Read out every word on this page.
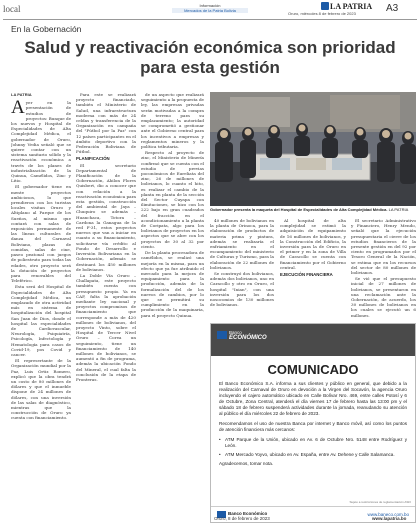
local	Información
Mercados de la Patria Bolivia	LA PATRIA
Oruro, miércoles 8 de febrero de 2023	A3
En la Gobernación
Salud y reactivación económica son prioridad para esta gestión
LA PATRIA
A yer en la presentación de estudios de proyectos: Bunque de los nuevos y Hospital de Especialidades de Alta Complejidad Médica, el gobernador de Oruro, Johnny Vedia señaló que se quiere contar con un sistema sanitario sólido y la reactivación económica a través de los planes de industrialización de la Quinua, Camélidos, Zinc y Litio.

El gobernador tiene en mente proyectos ambiciosos, lo que prendieron con los turistas locales visitan Oruro y Altiplano al Parque de los Sueños, al mismo que contará con salas de exposición permanente de las líneas culturales de danza del Carnaval Boliviano, plazas de comidas, salas de cine, paseo peatonal con juegos de poliestruto para todas las edades, otro proyecto será la dotación de proyectos para renovables del Teleférico.

Esta será del Hospital de Especialidades de Alta Complejidad Médica, un emplazado de otra actividad más en sistema de hospitalización del hospital San Juan de Dios, donde el hospital las especialidades de Cardiovascular, Neurología, Psiquiatría, Psicología, Infectología y Hematología para casos de Covid-19, pos Covid y cancer.

El represertante de la Organización mundial por la Paz, Luis Ortiz Romero, explicó que la obra tendrá un costo de 80 millones de dólares y que el inmueble dispone de 24 millones de dólares, con una inversión de las salas de diagnóstico, mientras que la construcción de Oruro ya cuenta con financiamiento.

Para este se realizará proyecto financiado, también el Ministerio de Salud, una infraestructura moderna con más de 24 celdas y transferencia de la Organización en campaña del "Fútbol por la Paz" con 12 países participantes en el ámbito deportivo con la Federación Boliviana de Fútbol.

PLANIFICACIÓN

El secretario Departamental de Planificación de la Gobernación, Ahilon Flores Quisbert, dio a conocer que con relación a la reactivación económica para esta gestión, construcción del ambiental de Jaya – Chuquiro se además – Huanchaca, Totora – Cardona la Ganagua de la red F-31, estos proyectos nuevos que van a iniciar en cuanto a su financiamiento, solicitarse vía crédito al Fondo de Desarrollo e Inversión Bolivariana en la Gobernación, además se destinará los 450 millones de bolivianos.

La Doble Vía Oruro – Challapata, este proyecto también cuenta con presupuesto propio. Ya en CAF, falta la aprobación mediante ley nacional y proyectos compromisos de financiamiento que corresponde a más de 420 millones de bolivianos, del proyecto Vinto, sobre el Hospital de Tercer Nivel Oruro – Corea un seguimiento, tiene un financiamiento de 140 millones de bolivianos, se aumentó a fin de programa, además la ubicación Fondo del Mineral, el cual falta la conclusión de la etapa de Fronteras.

de un aspecto que realizará seguimiento a la propuesta de ley, las empresas privadas serán motivadas a la compra de terreno para su emplazamiento; la autoridad se comprometió a gestionar ante el Gobierno central para los incentivos a empresas y reglamentos mineros y la política tributaria.

Respecto al proyecto de zinc, el Ministerio de Minería confirmó que se cuenta con el estudio de previas poconómicos de Eureliata del zinc, 26 de millones de bolivianos, lo cuanto el hito, es realizar el cambio de la planta en planta de la sección del Sector Cuyapa con ilimitaciones, se hizo con los 222 bajo en gran cuadrados del fracción en el acondicionamiento a la planta de Coripata, algo para los bolivianos de proyectos en los aspectos que se abre con los proyectos de 30 al 32 por ciento.

De la planta procesadora de camélidos, se realizó una mejoría en la misma, para un efecto que ya fue atribuido el mercado para la mejora de equipamiento para la producción, además de la formalización del de los nuevos de cambios, por lo que se permitirá su cumplimiento en la producción de la maquinaria, para el proyecto Quinua.

Gobernador presenta la maqueta del Hospital de Especialidades de Alta Complejidad Médica. LA PATRIA

40 millones de bolivianos en la planta de Orinoca, para la elaboración de productos de materia prima y pintura, además se realizaría el enfriamiento en el escampamiento del ministerio de Culturas y Turismo, para la elaboración de 22 millones de bolivianos.

Se construyó dos bolivianos, además dos bolivianos, uno en Caracollo y otro en Oruro, el hospital "Inian", con una inversión para los dos nosocomios de 130 millones de bolivianos.

Al hospital de alta complejidad se estimó la adquisición de equipamiento de 16 millones de bolivianos, y la Construcción del Edificio, la inversión para la de Oruro en el primer y en la zona de Villa de Caracollo se cuenta con financiamiento por el Gobierno central.

EJECUCIÓN FINANCIERA

El secretario Administrativo y Financiero, Henry Mendo, señaló que la ejecución presupuestaria el cierre de los estudios financieros de la presente gestión en del 92 por ciento en programados por el Tesoro General de la Nación, se estima que en los recursos del sector de 80 millones de bolivianos.

Se vió que el presupuesto inicial de 27 millones de bolivianos, se presentaron en una reclamación ante la Gobernación, de acuerdo, los 30 millones de bolivianos en los cuales se ejecutó un 6 millones.

Banco
ECONÓMICO
COMUNICADO

El Banco Económico S.A. informa a sus clientes y público en general, que debido a la realización del Carnaval de Oruro en devoción a la Virgen del Socavón, la agencia Oruro incluyendo el cajero automático ubicado en Calle Bolívar Nro. 469, entre calles Potosí y 6 de Octubre, Zona Central, atenderá el día viernes 17 de febrero hasta las 13:00 pm y el sábado 18 de febrero suspenderá actividades durante la jornada, reanudando su atención al público el día miércoles 22 de febrero de 2023.

Recomendamos el uso de nuestra Banca por internet y Banco móvil, así como los puntos de atención financiera más cercanos:

• ATM Parque de la Unión, ubicado en Av. 6 de Octubre Nro. 5148 entre Rodríguez y León.
• ATM Mercado Yoyvo, ubicado en Av. España, entre Av. Dehene y Calle Salamanca.

Agradecemos, tomar nota.

Sujeto a restricciones de reglamentación ASFI
Banco Económico	www.baneco.com.bo
Oruro, 8 de febrero de 2023	www.lapatria.bo
